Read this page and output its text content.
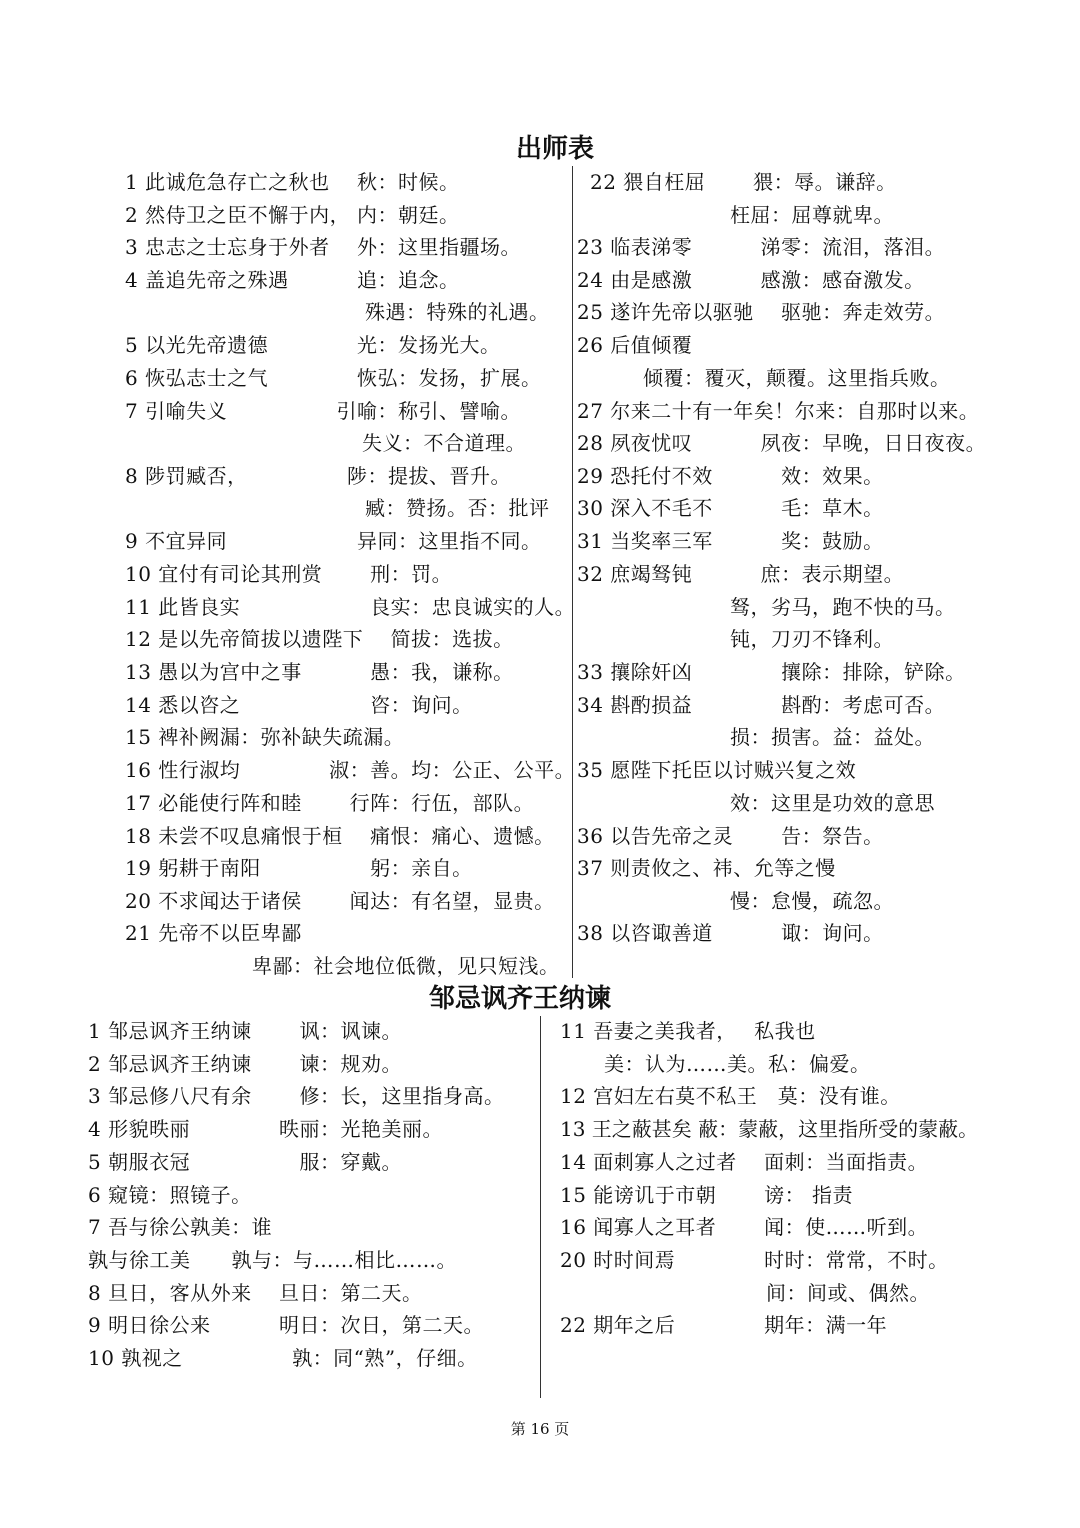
出师表
1 此诚危急存亡之秋也　 秋：时候。
2 然侍卫之臣不懈于内， 内：朝廷。
3 忠志之士忘身于外者　 外：这里指疆场。
4 盖追先帝之殊遇　　　 追：追念。
殊遇：特殊的礼遇。
5 以光先帝遗德　　　　 光：发扬光大。
6 恢弘志士之气　　　　 恢弘：发扬，扩展。
7 引喻失义　　　　　 引喻：称引、譬喻。
失义：不合道理。
8 陟罚臧否，　　　　　 陟：提拔、晋升。
臧：赞扬。否：批评
9 不宜异同　　　　　　 异同：这里指不同。
10 宜付有司论其刑赏　　 刑：罚。
11 此皆良实　　　　　　 良实：忠良诚实的人。
12 是以先帝简拔以遗陛下　 简拔：选拔。
13 愚以为宫中之事　　　 愚：我，谦称。
14 悉以咨之　　　　　　 咨：询问。
15 裨补阙漏：弥补缺失疏漏。
16 性行淑均　　　　 淑：善。均：公正、公平。
17 必能使行阵和睦　　 行阵：行伍，部队。
18 未尝不叹息痛恨于桓　 痛恨：痛心、遗憾。
19 躬耕于南阳　　　　　 躬：亲自。
20 不求闻达于诸侯　　 闻达：有名望，显贵。
21 先帝不以臣卑鄙
卑鄙：社会地位低微，见只短浅。
22 猥自枉屈　　 猥：辱。谦辞。
枉屈：屈尊就卑。
23 临表涕零　　　 涕零：流泪，落泪。
24 由是感激　　　 感激：感奋激发。
25 遂许先帝以驱驰　 驱驰：奔走效劳。
26 后值倾覆
倾覆：覆灭，颠覆。这里指兵败。
27 尔来二十有一年矣！尔来：自那时以来。
28 夙夜忧叹　　　 夙夜：早晚，日日夜夜。
29 恐托付不效　　　 效：效果。
30 深入不毛不　　　 毛：草木。
31 当奖率三军　　　 奖：鼓励。
32 庶竭驽钝　　　 庶：表示期望。
驽，劣马，跑不快的马。
钝，刀刃不锋利。
33 攘除奸凶　　　　 攘除：排除，铲除。
34 斟酌损益　　　　 斟酌：考虑可否。
损：损害。益：益处。
35 愿陛下托臣以讨贼兴复之效
效：这里是功效的意思
36 以告先帝之灵　　 告：祭告。
37 则责攸之、祎、允等之慢
慢：怠慢，疏忽。
38 以咨诹善道　　　 诹：询问。
邹忌讽齐王纳谏
1 邹忌讽齐王纳谏　　 讽：讽谏。
2 邹忌讽齐王纳谏　　 谏：规劝。
3 邹忌修八尺有余　　 修：长，这里指身高。
4 形貌昳丽　　　　 昳丽：光艳美丽。
5 朝服衣冠　　　　　 服：穿戴。
6 窥镜：照镜子。
7 吾与徐公孰美：谁
孰与徐工美　　孰与：与……相比……。
8 旦日，客从外来　 旦日：第二天。
9 明日徐公来　　　 明日：次日，第二天。
10 孰视之　　　　　 孰：同“熟”，仔细。
11 吾妻之美我者，　 私我也
美：认为……美。私：偏爱。
12 宫妇左右莫不私王　莫：没有谁。
13 王之蔽甚矣 蔽：蒙蔽，这里指所受的蒙蔽。
14 面刺寡人之过者　 面刺：当面指责。
15 能谤讥于市朝　　 谤： 指责
16 闻寡人之耳者　　 闻：使……听到。
20 时时间焉　　　　 时时：常常，不时。
间：间或、偶然。
22 期年之后　　　　 期年：满一年
第 16 页
